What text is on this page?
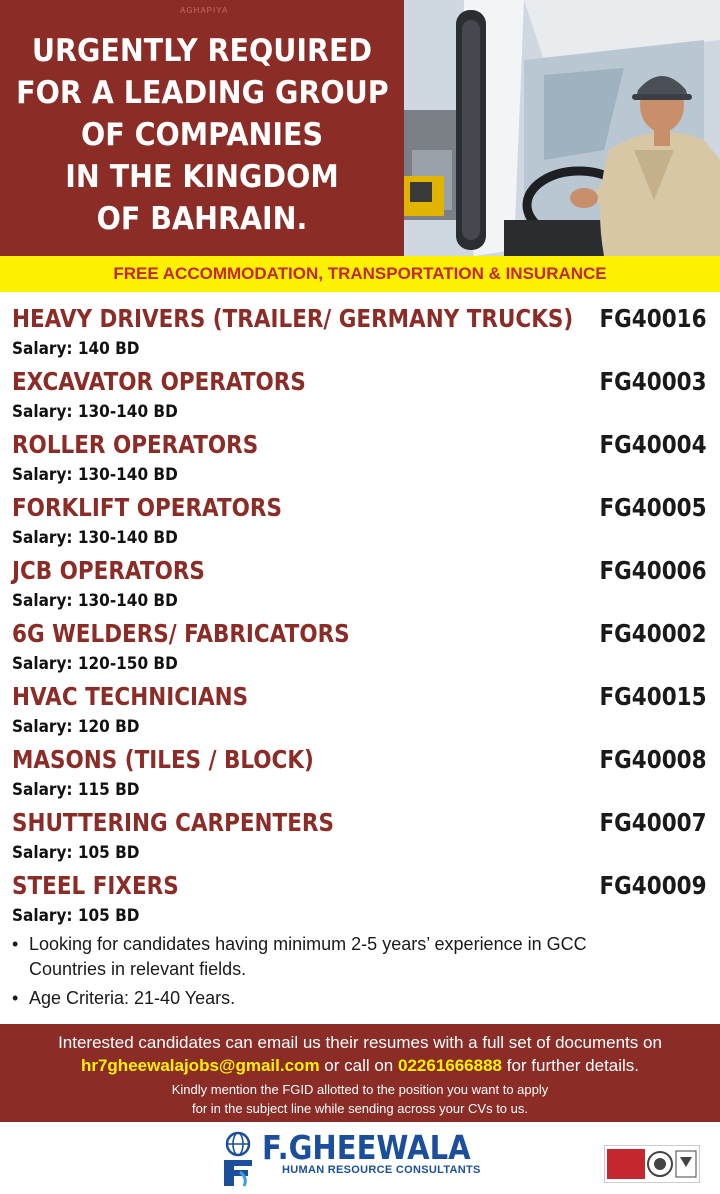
AGHAPIYA
URGENTLY REQUIRED
FOR A LEADING GROUP
OF COMPANIES
IN THE KINGDOM
OF BAHRAIN.
FREE ACCOMMODATION, TRANSPORTATION & INSURANCE
HEAVY DRIVERS (TRAILER/ GERMANY TRUCKS) FG40016
Salary: 140 BD
EXCAVATOR OPERATORS	FG40003
Salary: 130-140 BD
ROLLER OPERATORS	FG40004
Salary: 130-140 BD
FORKLIFT OPERATORS	FG40005
Salary: 130-140 BD
JCB OPERATORS	FG40006
Salary: 130-140 BD
6G WELDERS/ FABRICATORS	FG40002
Salary: 120-150 BD
HVAC TECHNICIANS	FG40015
Salary: 120 BD
MASONS (TILES / BLOCK)	FG40008
Salary: 115 BD
SHUTTERING CARPENTERS	FG40007
Salary: 105 BD
STEEL FIXERS	FG40009
Salary: 105 BD
• Looking for candidates having minimum 2-5 years’ experience in GCC
Countries in relevant fields.
• Age Criteria: 21-40 Years.
Interested candidates can email us their resumes with a full set of documents on
hr7gheewalajobs@gmail.com or call on 02261666888 for further details.
Kindly mention the FGID allotted to the position you want to apply
for in the subject line while sending across your CVs to us.
F.GHEEWALA
HUMAN RESOURCE CONSULTANTS
